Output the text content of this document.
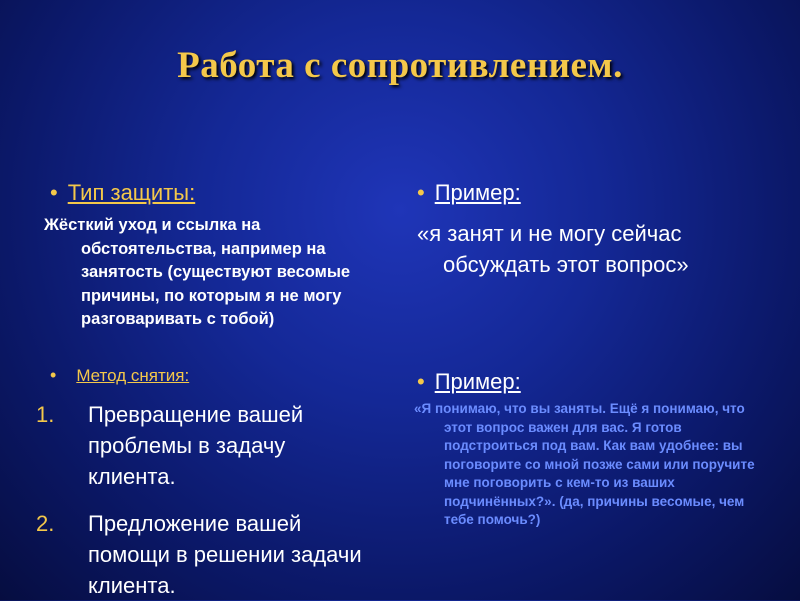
Работа с сопротивлением.
• Тип защиты:
Жёсткий уход и ссылка на обстоятельства, например на занятость (существуют весомые причины, по которым я не могу разговаривать с тобой)
• Метод снятия:
1.	Превращение вашей проблемы в задачу клиента.
2.	Предложение вашей помощи в решении задачи клиента.
• Пример:
«я занят и не могу сейчас обсуждать этот вопрос»
• Пример:
«Я понимаю, что вы заняты. Ещё я понимаю, что этот вопрос важен для вас. Я готов подстроиться под вам. Как вам удобнее: вы поговорите со мной позже сами или поручите мне поговорить с кем-то из ваших подчинённых?». (да, причины весомые, чем тебе помочь?)
